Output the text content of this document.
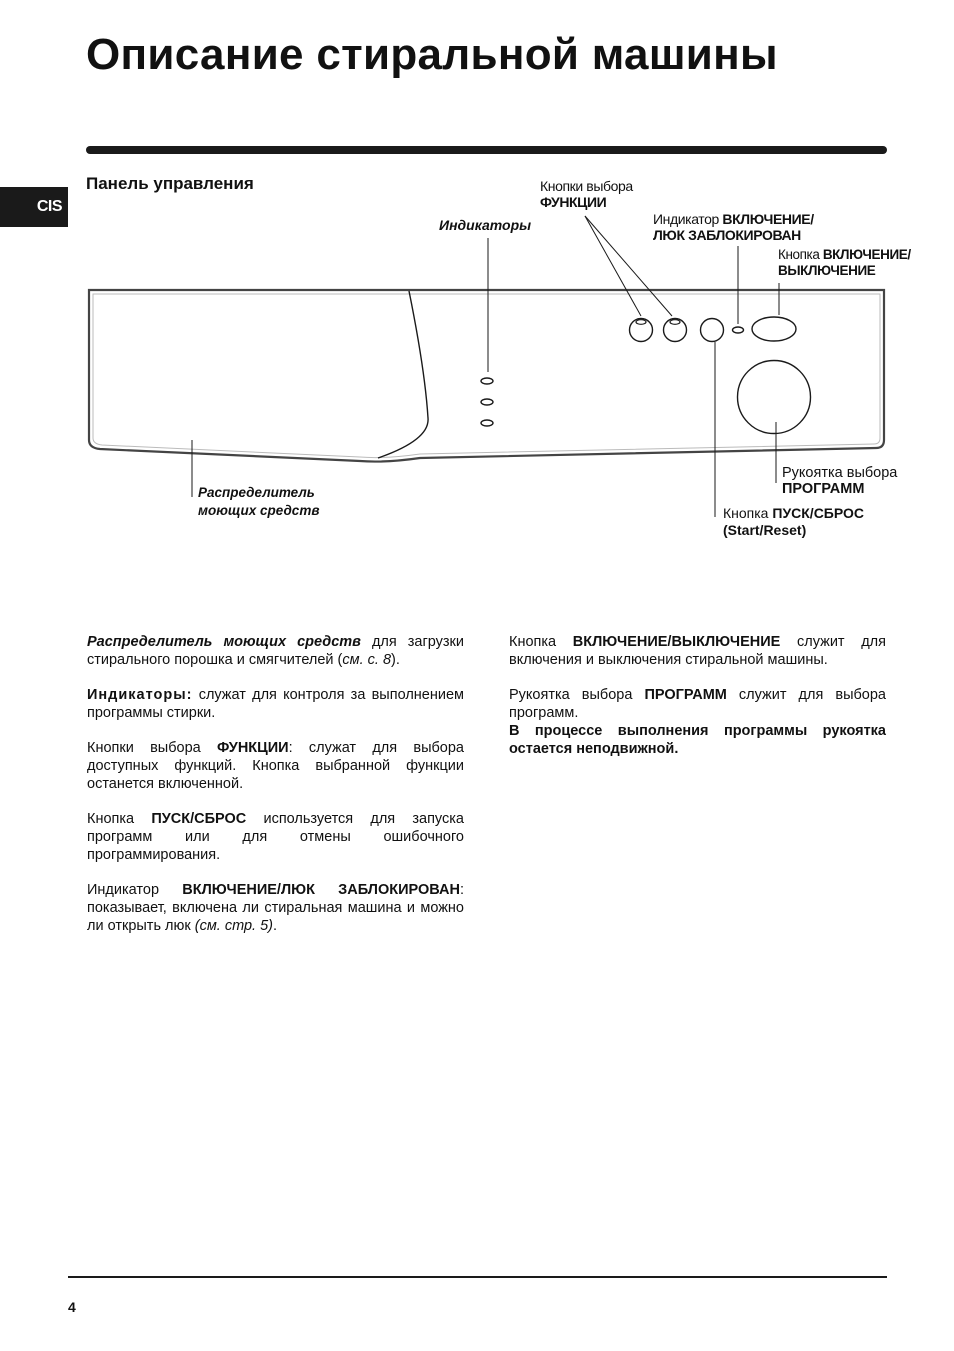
Описание стиральной машины
CIS
Панель управления	Кнопки выбора
ФУНКЦИИ
Индикаторы	Индикатор ВКЛЮЧЕНИЕ/
ЛЮК ЗАБЛОКИРОВАН
Кнопка ВКЛЮЧЕНИЕ/
ВЫКЛЮЧЕНИЕ
Рукоятка выбора
ПРОГРАММ
Кнопка ПУСК/СБРОС
(Start/Reset)
Распределитель
моющих средств

Распределитель моющих средств для загрузки стирального порошка и смягчителей (см. с. 8).

Индикаторы: служат для контроля за выполнением программы стирки.

Кнопки выбора ФУНКЦИИ: служат для выбора доступных функций. Кнопка выбранной функции останется включенной.

Кнопка ПУСК/СБРОС используется для запуска программ или для отмены ошибочного программирования.

Индикатор ВКЛЮЧЕНИЕ/ЛЮК ЗАБЛОКИРОВАН: показывает, включена ли стиральная машина и можно ли открыть люк (см. стр. 5).

Кнопка ВКЛЮЧЕНИЕ/ВЫКЛЮЧЕНИЕ служит для включения и выключения стиральной машины.

Рукоятка выбора ПРОГРАММ служит для выбора программ.
В процессе выполнения программы рукоятка остается неподвижной.

4
